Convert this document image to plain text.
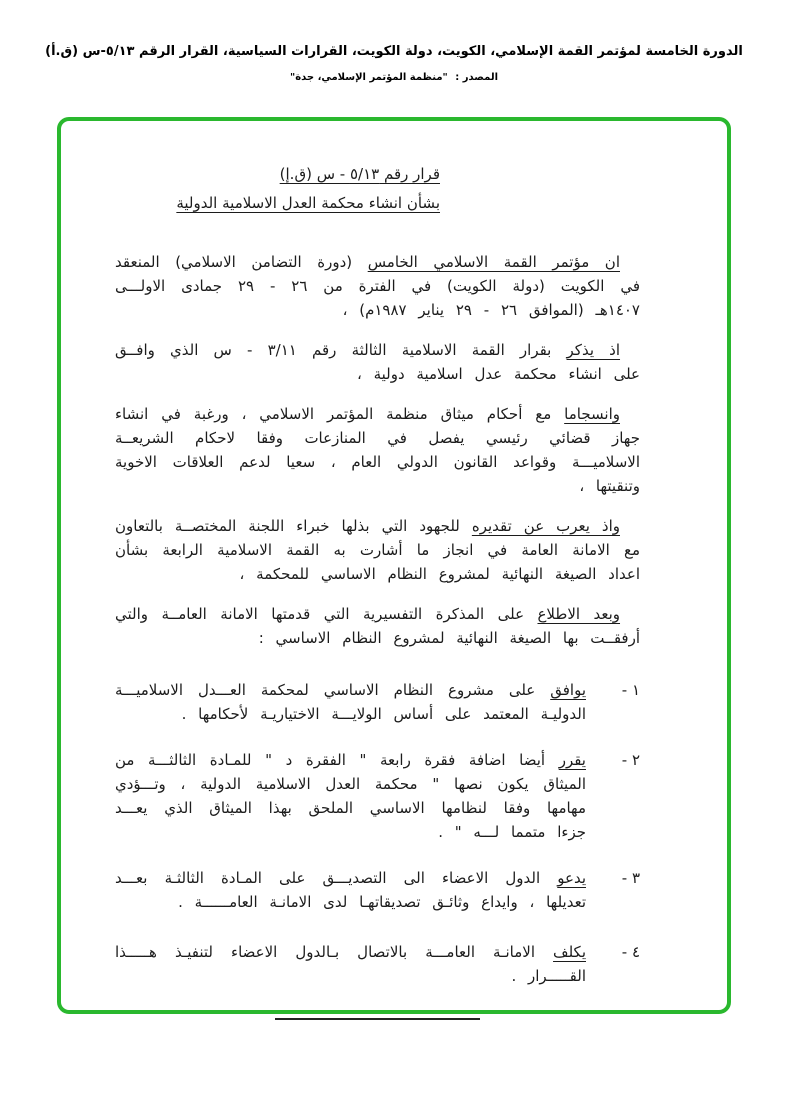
الدورة الخامسة لمؤتمر القمة الإسلامي، الكويت، دولة الكويت، القرارات السياسية، القرار الرقم ٥/١٣-س (ق.أ)
المصدر : "منظمة المؤتمر الإسلامي، جدة"
قرار رقم ٥/١٣ - س (ق.إ)
بشأن انشاء محكمة العدل الاسلامية الدولية

ان مؤتمر القمة الاسلامي الخامس (دورة التضامن الاسلامي) المنعقد في الكويت (دولة الكويت) في الفترة من ٢٦ - ٢٩ جمادى الاولـــى ١٤٠٧هـ (الموافق ٢٦ - ٢٩ يناير ١٩٨٧م) ،

اذ يذكر بقرار القمة الاسلامية الثالثة رقم ٣/١١ - س الذي وافــق على انشاء محكمة عدل اسلامية دولية ،

وانسجاما مع أحكام ميثاق منظمة المؤتمر الاسلامي ، ورغبة في انشاء جهاز قضائي رئيسي يفصل في المنازعات وفقا لاحكام الشريعــة الاسلاميـــة وقواعد القانون الدولي العام ، سعيا لدعم العلاقات الاخوية وتنقيتها ،

واذ يعرب عن تقديره للجهود التي بذلها خبراء اللجنة المختصــة بالتعاون مع الامانة العامة في انجاز ما أشارت به القمة الاسلامية الرابعة بشأن اعداد الصيغة النهائية لمشروع النظام الاساسي للمحكمة ،

وبعد الاطلاع على المذكرة التفسيرية التي قدمتها الامانة العامــة والتي أرفقــت بها الصيغة النهائية لمشروع النظام الاساسي :

١ -

يوافق على مشروع النظام الاساسي لمحكمة العـــدل الاسلاميـــة الدوليـة المعتمد على أساس الولايـــة الاختياريـة لأحكامها .

٢ -

يقرر أيضا اضافة فقرة رابعة " الفقرة د " للمـادة الثالثـــة من الميثاق يكون نصها " محكمة العدل الاسلامية الدولية ، وتـــؤدي مهامها وفقا لنظامها الاساسي الملحق بهذا الميثاق الذي يعـــد جزءا متمما لـــه " .

٣ -

يدعو الدول الاعضاء الى التصديـــق على المـادة الثالثـة بعـــد تعديلها ، وايداع وثائـق تصديقاتهـا لدى الامانـة العامــــــة .

٤ -

يكلف الامانـة العامـــة بالاتصال بـالدول الاعضاء لتنفيـذ هـــــذا القـــــرار .
